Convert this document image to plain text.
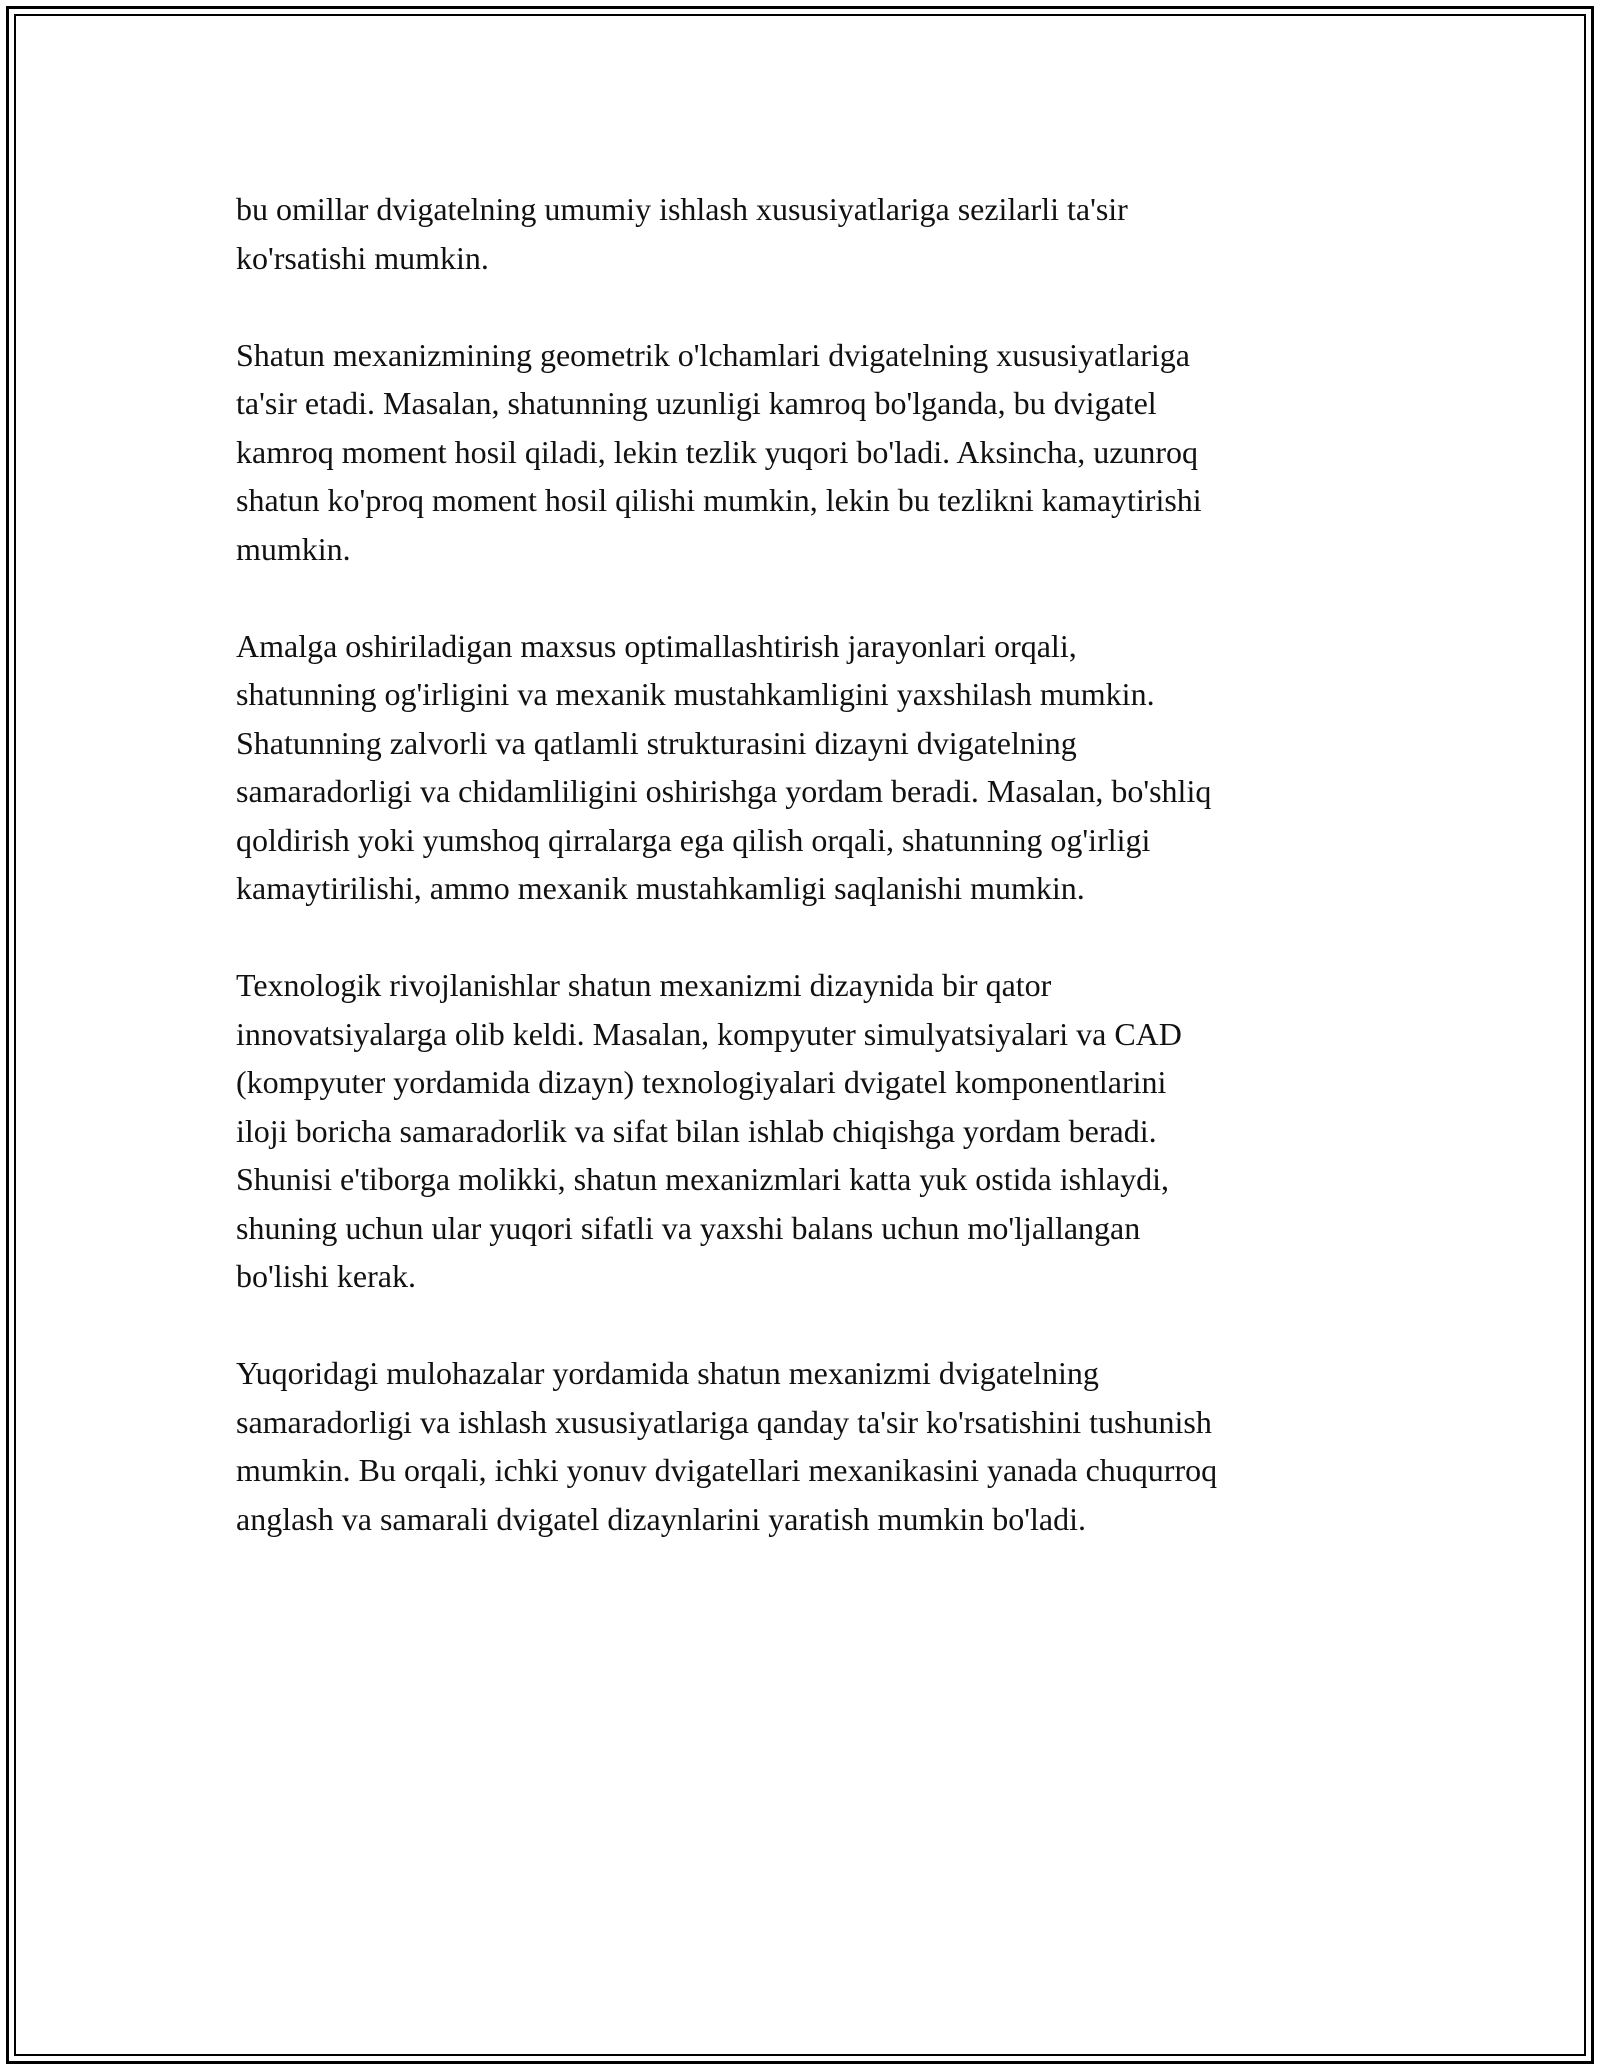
bu omillar dvigatelning umumiy ishlash xususiyatlariga sezilarli ta'sir
ko'rsatishi mumkin.

Shatun mexanizmining geometrik o'lchamlari dvigatelning xususiyatlariga
ta'sir etadi. Masalan, shatunning uzunligi kamroq bo'lganda, bu dvigatel
kamroq moment hosil qiladi, lekin tezlik yuqori bo'ladi. Aksincha, uzunroq
shatun ko'proq moment hosil qilishi mumkin, lekin bu tezlikni kamaytirishi
mumkin.

Amalga oshiriladigan maxsus optimallashtirish jarayonlari orqali,
shatunning og'irligini va mexanik mustahkamligini yaxshilash mumkin.
Shatunning zalvorli va qatlamli strukturasini dizayni dvigatelning
samaradorligi va chidamliligini oshirishga yordam beradi. Masalan, bo'shliq
qoldirish yoki yumshoq qirralarga ega qilish orqali, shatunning og'irligi
kamaytirilishi, ammo mexanik mustahkamligi saqlanishi mumkin.

Texnologik rivojlanishlar shatun mexanizmi dizaynida bir qator
innovatsiyalarga olib keldi. Masalan, kompyuter simulyatsiyalari va CAD
(kompyuter yordamida dizayn) texnologiyalari dvigatel komponentlarini
iloji boricha samaradorlik va sifat bilan ishlab chiqishga yordam beradi.
Shunisi e'tiborga molikki, shatun mexanizmlari katta yuk ostida ishlaydi,
shuning uchun ular yuqori sifatli va yaxshi balans uchun mo'ljallangan
bo'lishi kerak.

Yuqoridagi mulohazalar yordamida shatun mexanizmi dvigatelning
samaradorligi va ishlash xususiyatlariga qanday ta'sir ko'rsatishini tushunish
mumkin. Bu orqali, ichki yonuv dvigatellari mexanikasini yanada chuqurroq
anglash va samarali dvigatel dizaynlarini yaratish mumkin bo'ladi.
